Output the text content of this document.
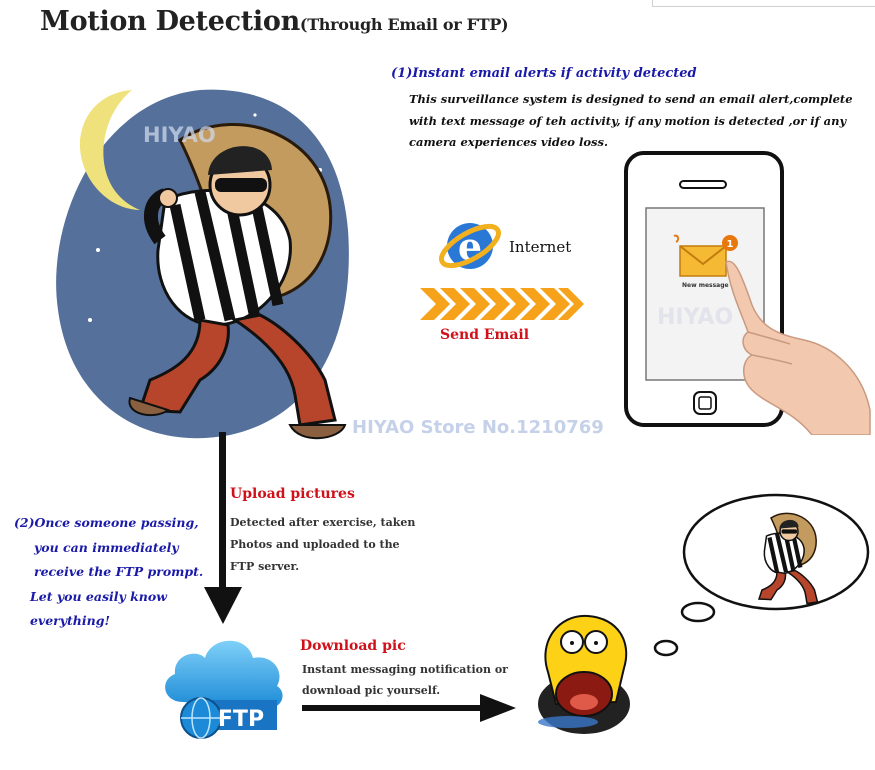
Motion Detection(Through Email or FTP)
HIYAO
(1)Instant email alerts if activity detected
This surveillance system is designed to send an email alert,complete
with text message of teh activity, if any motion is detected ,or if any
camera experiences video loss.
e Internet
Send Email
1
New message
HIYAO
HIYAO Store No.1210769
Upload pictures
Detected after exercise, taken
Photos and uploaded to the
FTP server.
(2)Once someone passing,
you can immediately
receive the FTP prompt.
Let you easily know
everything!
FTP
Download pic
Instant messaging notification or
download pic yourself.
